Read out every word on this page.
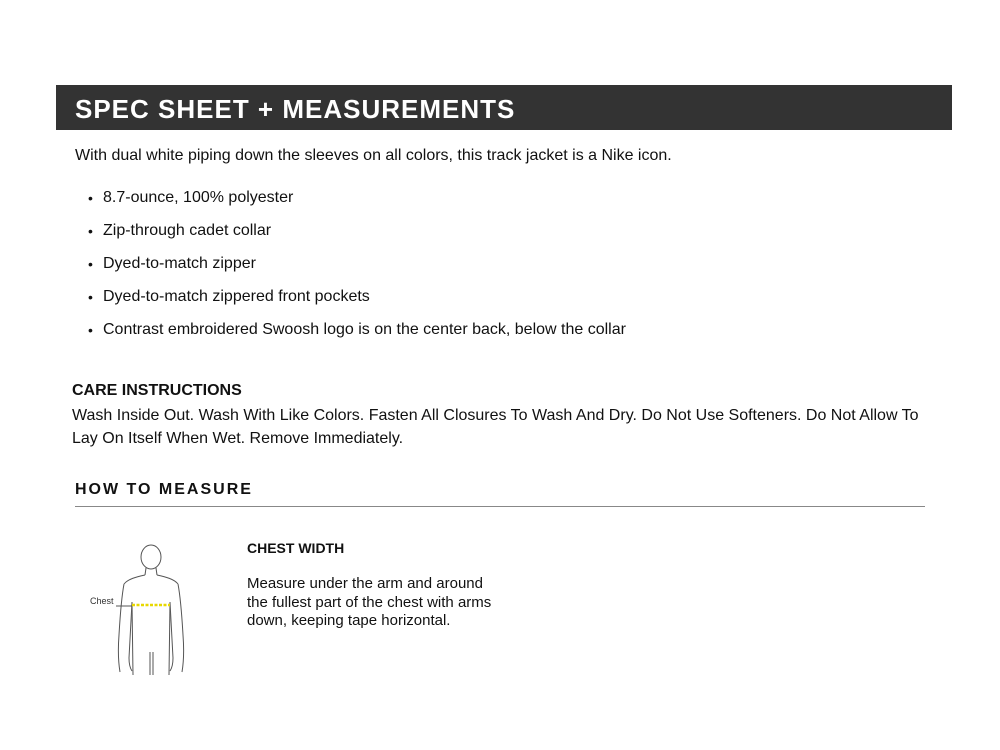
SPEC SHEET + MEASUREMENTS
With dual white piping down the sleeves on all colors, this track jacket is a Nike icon.
• 8.7-ounce, 100% polyester
• Zip-through cadet collar
• Dyed-to-match zipper
• Dyed-to-match zippered front pockets
• Contrast embroidered Swoosh logo is on the center back, below the collar
CARE INSTRUCTIONS
Wash Inside Out. Wash With Like Colors. Fasten All Closures To Wash And Dry. Do Not Use Softeners. Do Not Allow To Lay On Itself When Wet. Remove Immediately.
HOW TO MEASURE
Chest
CHEST WIDTH
Measure under the arm and around the fullest part of the chest with arms down, keeping tape horizontal.
